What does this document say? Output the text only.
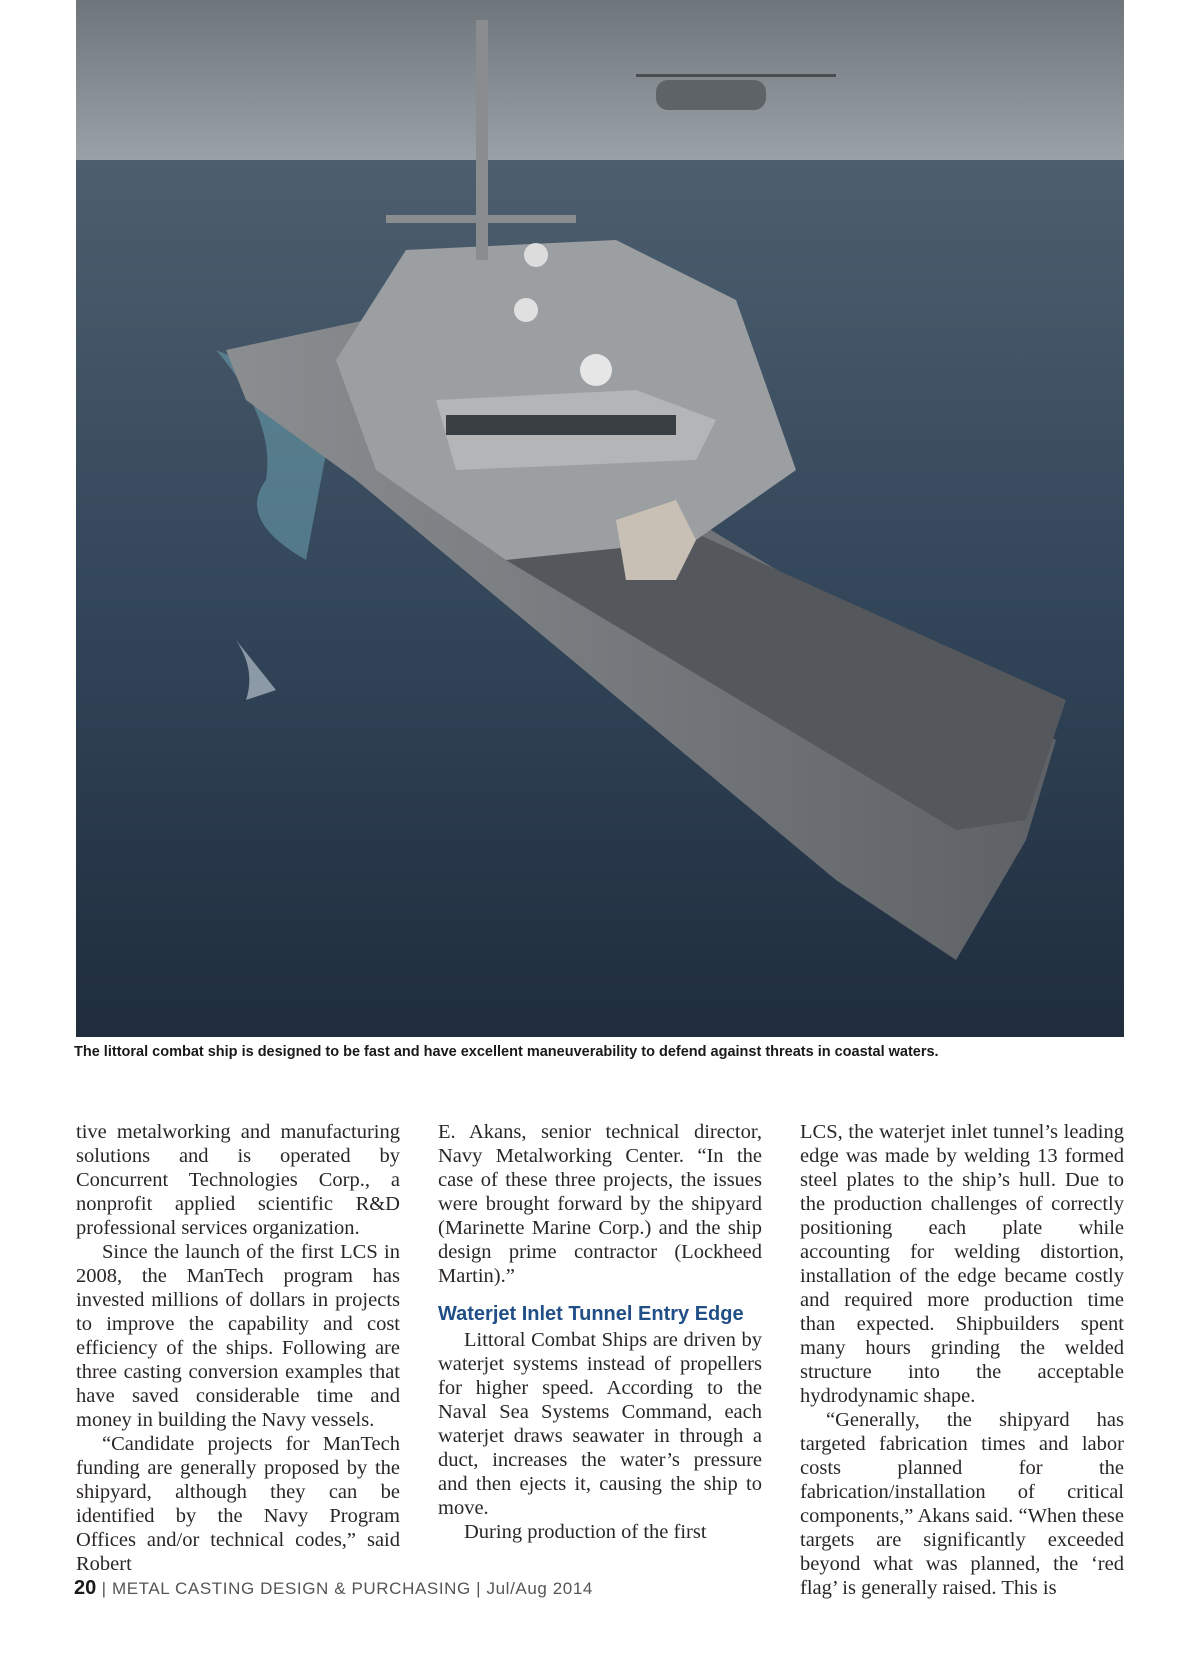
The littoral combat ship is designed to be fast and have excellent maneuverability to defend against threats in coastal waters.

tive metalworking and manufacturing solutions and is operated by Concurrent Technologies Corp., a nonprofit applied scientific R&D professional services organization.

Since the launch of the first LCS in 2008, the ManTech program has invested millions of dollars in projects to improve the capability and cost efficiency of the ships. Following are three casting conversion examples that have saved considerable time and money in building the Navy vessels.

“Candidate projects for ManTech funding are generally proposed by the shipyard, although they can be identified by the Navy Program Offices and/or technical codes,” said Robert

E. Akans, senior technical director, Navy Metalworking Center. “In the case of these three projects, the issues were brought forward by the shipyard (Marinette Marine Corp.) and the ship design prime contractor (Lockheed Martin).”

Waterjet Inlet Tunnel Entry Edge

Littoral Combat Ships are driven by waterjet systems instead of propellers for higher speed. According to the Naval Sea Systems Command, each waterjet draws seawater in through a duct, increases the water’s pressure and then ejects it, causing the ship to move.

During production of the first

LCS, the waterjet inlet tunnel’s leading edge was made by welding 13 formed steel plates to the ship’s hull. Due to the production challenges of correctly positioning each plate while accounting for welding distortion, installation of the edge became costly and required more production time than expected. Shipbuilders spent many hours grinding the welded structure into the acceptable hydrodynamic shape.

“Generally, the shipyard has targeted fabrication times and labor costs planned for the fabrication/installation of critical components,” Akans said. “When these targets are significantly exceeded beyond what was planned, the ‘red flag’ is generally raised. This is

20 | METAL CASTING DESIGN & PURCHASING | Jul/Aug 2014
